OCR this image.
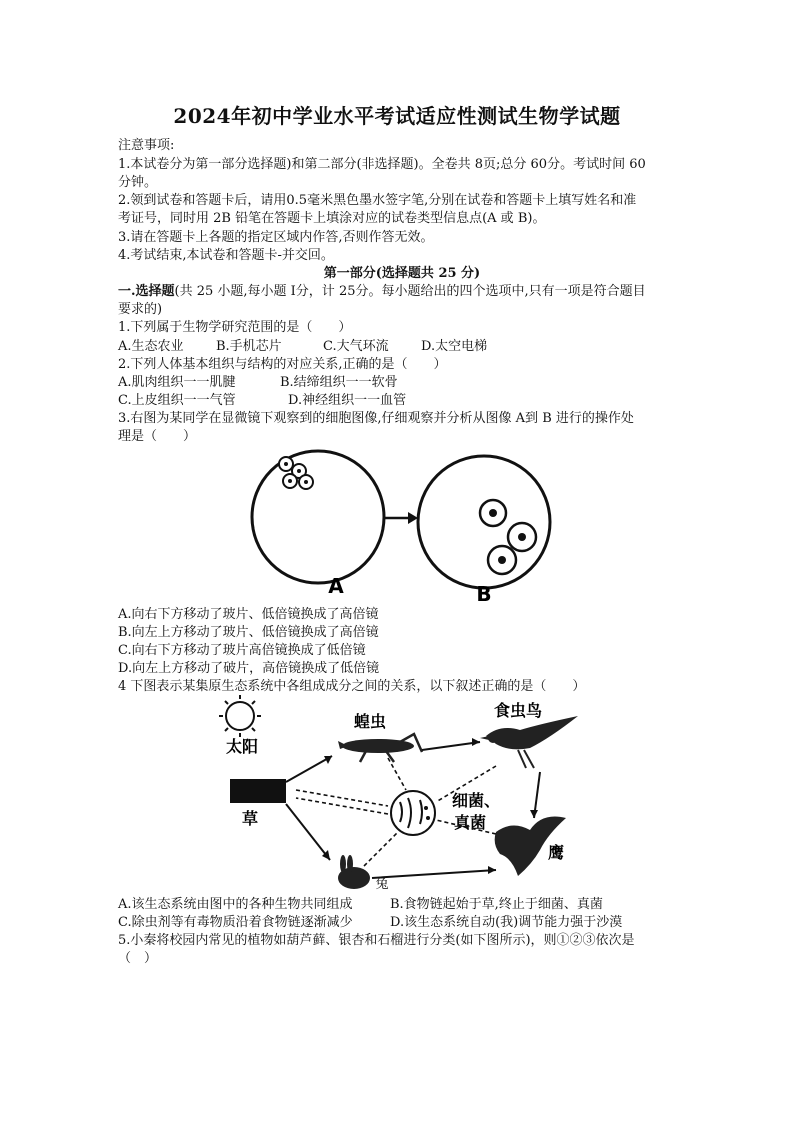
2024年初中学业水平考试适应性测试生物学试题
注意事项:
1.本试卷分为第一部分选择题)和第二部分(非选择题)。全卷共 8页;总分 60分。考试时间 60
分钟。
2.领到试卷和答题卡后，请用0.5毫米黑色墨水签字笔,分别在试卷和答题卡上填写姓名和准
考证号，同时用 2B 铅笔在答题卡上填涂对应的试卷类型信息点(A 或 B)。
3.请在答题卡上各题的指定区域内作答,否则作答无效。
4.考试结束,本试卷和答题卡-并交回。
第一部分(选择题共 25 分)
一.选择题(共 25 小题,每小题 I分，计 25分。每小题给出的四个选项中,只有一项是符合题目
要求的)
1.下列属于生物学研究范围的是（　　）
A.生态农业 B.手机芯片	C.大气环流 D.太空电梯
2.下列人体基本组织与结构的对应关系,正确的是（　　）
A.肌肉组织一一肌腱	B.结缔组织一一软骨
C.上皮组织一一气管	D.神经组织一一血管
3.右图为某同学在显微镜下观察到的细胞图像,仔细观察并分析从图像 A到 B 进行的操作处
理是（　　）
A	B
A.向右下方移动了玻片、低倍镜换成了高倍镜
B.向左上方移动了玻片、低倍镜换成了高倍镜
C.向右下方移动了玻片高倍镜换成了低倍镜
D.向左上方移动了破片，高倍镜换成了低倍镜
4 下图表示某集原生态系统中各组成成分之间的关系，以下叙述正确的是（　　）
太阳
蝗虫
食虫鸟
草
细菌、
真菌
鹰
兔
A.该生态系统由图中的各种生物共同组成	B.食物链起始于草,终止于细菌、真菌
C.除虫剂等有毒物质沿着食物链逐渐减少	D.该生态系统自动(我)调节能力强于沙漠
5.小秦将校园内常见的植物如葫芦藓、银杏和石榴进行分类(如下图所示)，则①②③依次是
（　）
